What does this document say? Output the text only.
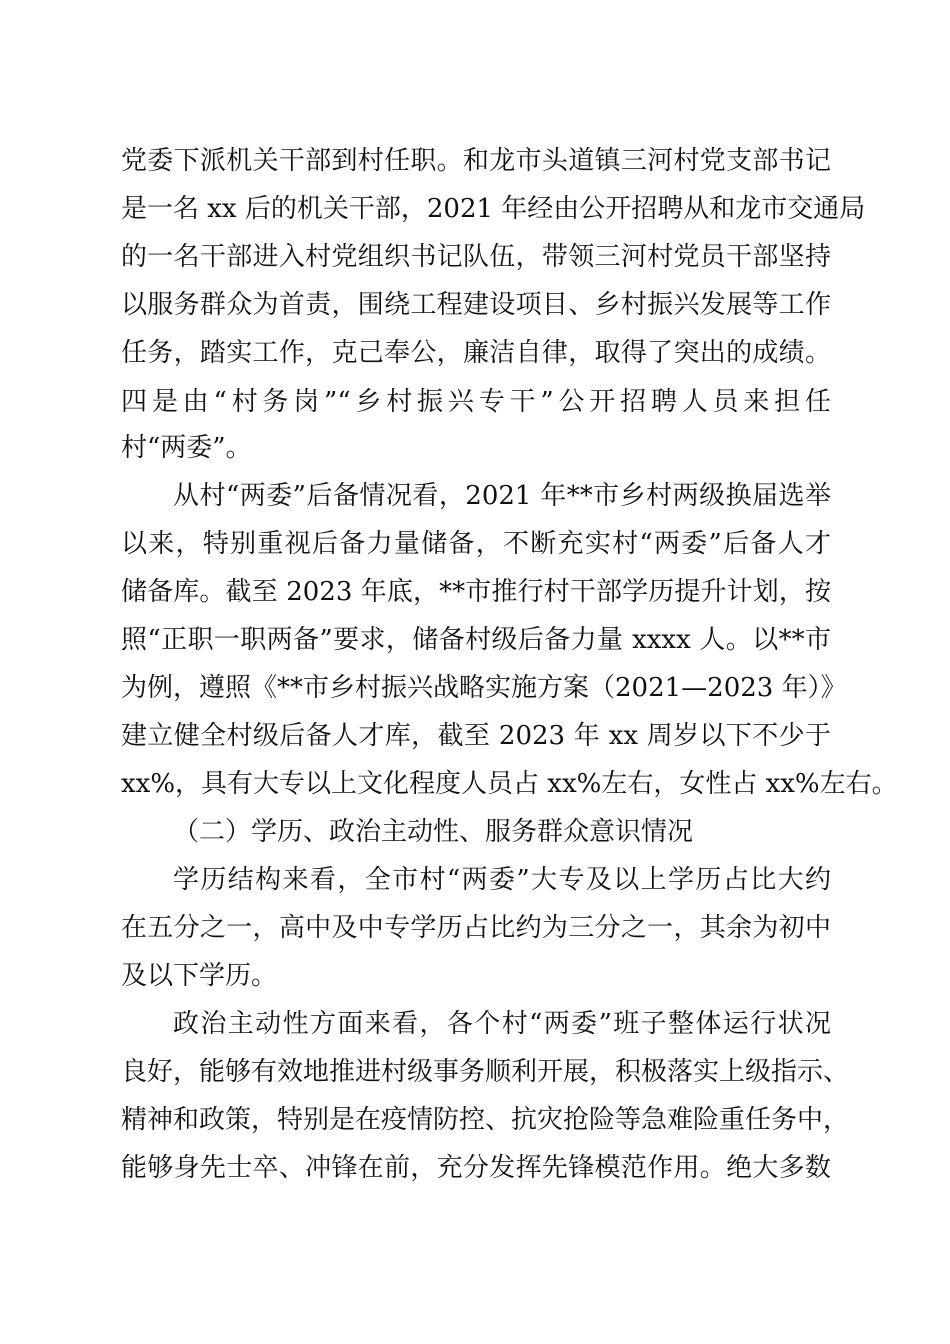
党委下派机关干部到村任职。和龙市头道镇三河村党支部书记
是一名 xx 后的机关干部，2021 年经由公开招聘从和龙市交通局
的一名干部进入村党组织书记队伍，带领三河村党员干部坚持
以服务群众为首责，围绕工程建设项目、乡村振兴发展等工作
任务，踏实工作，克己奉公，廉洁自律，取得了突出的成绩。
四是由“村务岗”“乡村振兴专干”公开招聘人员来担任
村“两委”。
从村“两委”后备情况看，2021 年**市乡村两级换届选举
以来，特别重视后备力量储备，不断充实村“两委”后备人才
储备库。截至 2023 年底，**市推行村干部学历提升计划，按
照“正职一职两备”要求，储备村级后备力量 xxxx 人。以**市
为例，遵照《**市乡村振兴战略实施方案（2021—2023 年）》
建立健全村级后备人才库，截至 2023 年 xx 周岁以下不少于
xx%，具有大专以上文化程度人员占 xx%左右，女性占 xx%左右。
（二）学历、政治主动性、服务群众意识情况
学历结构来看，全市村“两委”大专及以上学历占比大约
在五分之一，高中及中专学历占比约为三分之一，其余为初中
及以下学历。
政治主动性方面来看，各个村“两委”班子整体运行状况
良好，能够有效地推进村级事务顺利开展，积极落实上级指示、
精神和政策，特别是在疫情防控、抗灾抢险等急难险重任务中，
能够身先士卒、冲锋在前，充分发挥先锋模范作用。绝大多数
